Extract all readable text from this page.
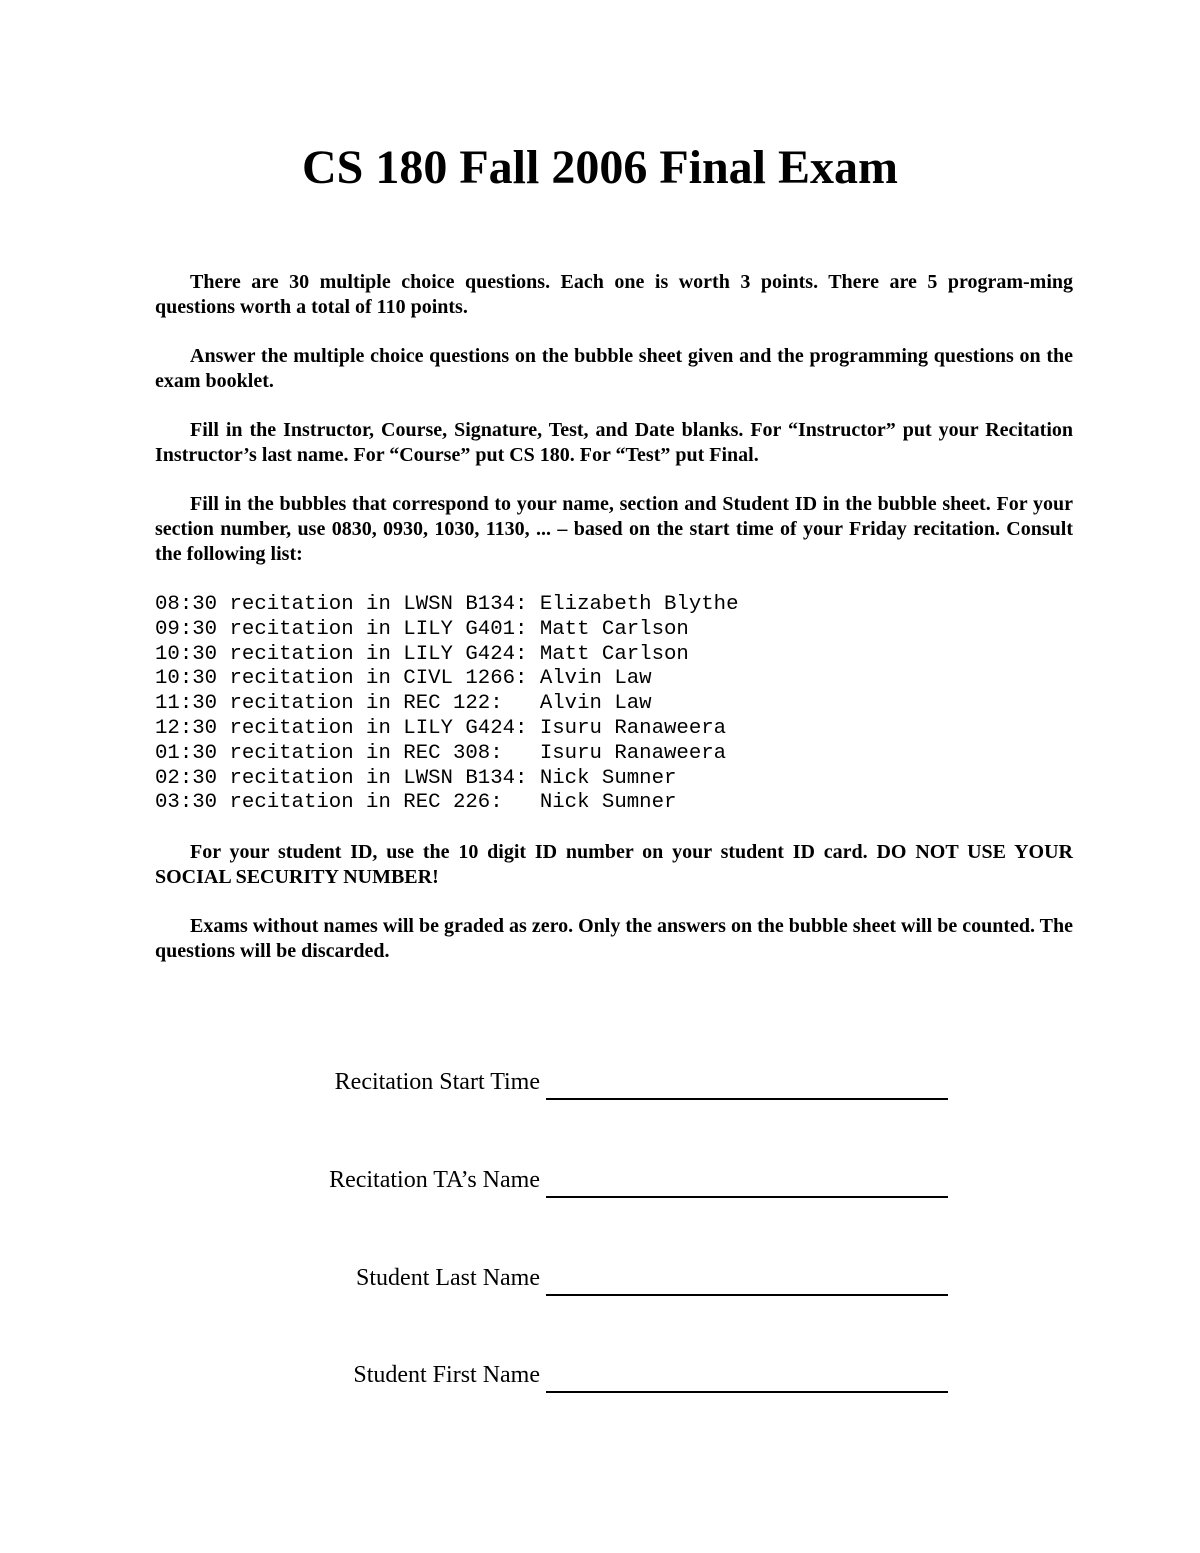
CS 180 Fall 2006 Final Exam

There are 30 multiple choice questions. Each one is worth 3 points. There are 5 program-ming questions worth a total of 110 points.

Answer the multiple choice questions on the bubble sheet given and the programming questions on the exam booklet.

Fill in the Instructor, Course, Signature, Test, and Date blanks. For “Instructor” put your Recitation Instructor’s last name. For “Course” put CS 180. For “Test” put Final.

Fill in the bubbles that correspond to your name, section and Student ID in the bubble sheet. For your section number, use 0830, 0930, 1030, 1130, ... – based on the start time of your Friday recitation. Consult the following list:

08:30 recitation in LWSN B134: Elizabeth Blythe
09:30 recitation in LILY G401: Matt Carlson
10:30 recitation in LILY G424: Matt Carlson
10:30 recitation in CIVL 1266: Alvin Law
11:30 recitation in REC 122:   Alvin Law
12:30 recitation in LILY G424: Isuru Ranaweera
01:30 recitation in REC 308:   Isuru Ranaweera
02:30 recitation in LWSN B134: Nick Sumner
03:30 recitation in REC 226:   Nick Sumner

For your student ID, use the 10 digit ID number on your student ID card. DO NOT USE YOUR SOCIAL SECURITY NUMBER!

Exams without names will be graded as zero. Only the answers on the bubble sheet will be counted. The questions will be discarded.

Recitation Start Time
Recitation TA’s Name
Student Last Name
Student First Name
